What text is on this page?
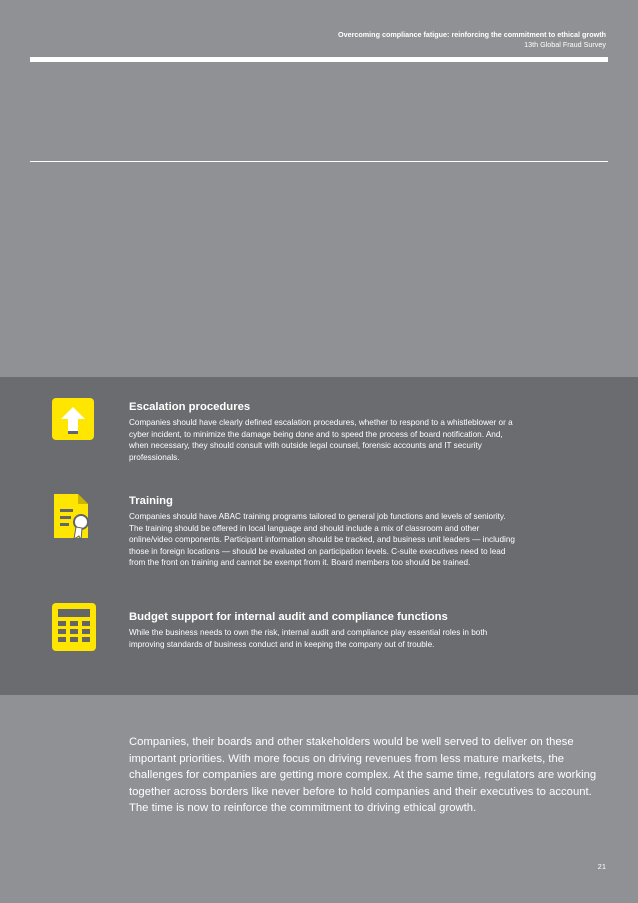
Overcoming compliance fatigue: reinforcing the commitment to ethical growth
13th Global Fraud Survey
Escalation procedures
Companies should have clearly defined escalation procedures, whether to respond to a whistleblower or a cyber incident, to minimize the damage being done and to speed the process of board notification. And, when necessary, they should consult with outside legal counsel, forensic accounts and IT security professionals.
Training
Companies should have ABAC training programs tailored to general job functions and levels of seniority. The training should be offered in local language and should include a mix of classroom and other online/video components. Participant information should be tracked, and business unit leaders — including those in foreign locations — should be evaluated on participation levels. C-suite executives need to lead from the front on training and cannot be exempt from it. Board members too should be trained.
Budget support for internal audit and compliance functions
While the business needs to own the risk, internal audit and compliance play essential roles in both improving standards of business conduct and in keeping the company out of trouble.
Companies, their boards and other stakeholders would be well served to deliver on these important priorities. With more focus on driving revenues from less mature markets, the challenges for companies are getting more complex. At the same time, regulators are working together across borders like never before to hold companies and their executives to account. The time is now to reinforce the commitment to driving ethical growth.
21
